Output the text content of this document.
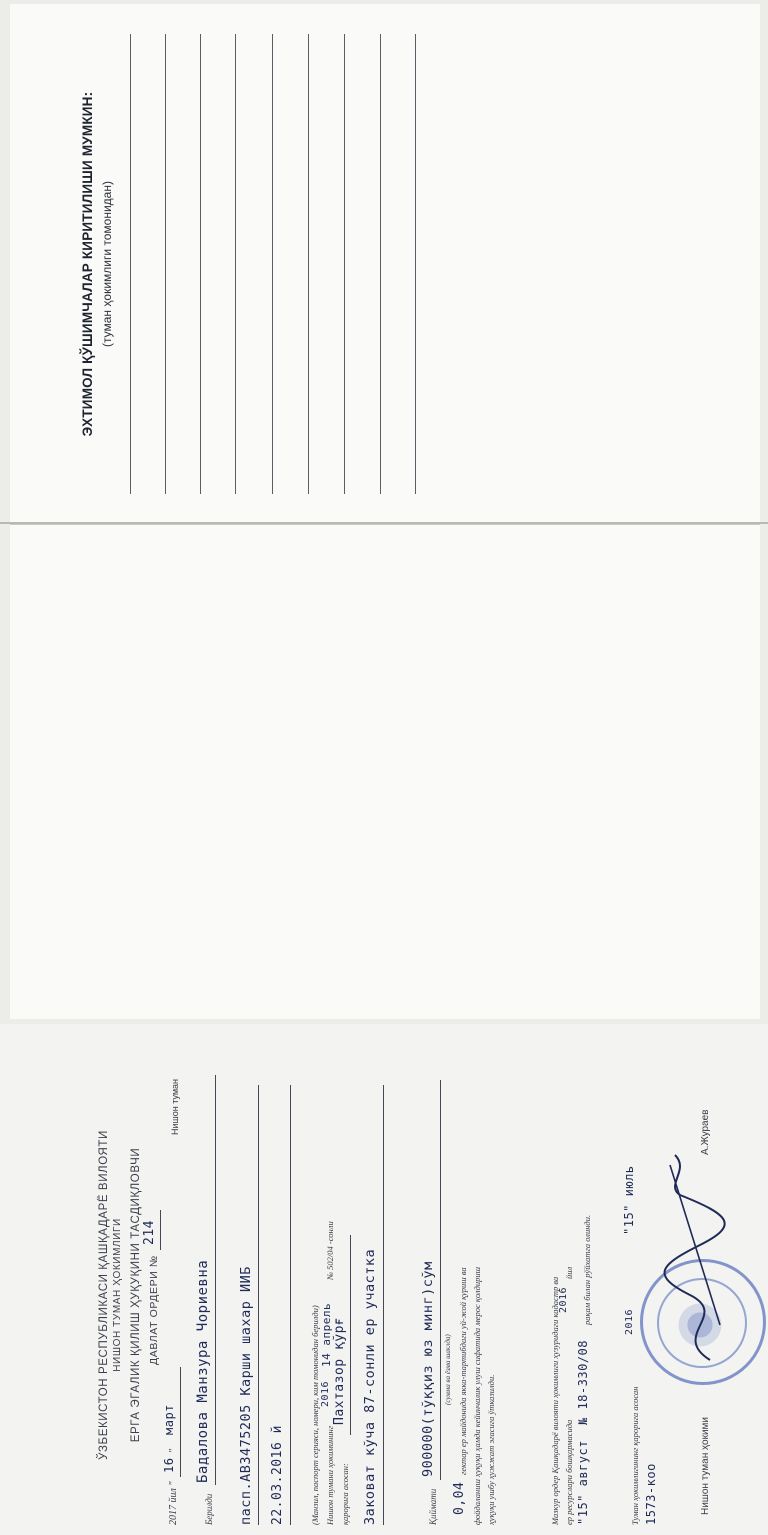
ЭХТИМОЛ ҚЎШИМЧАЛАР КИРИТИЛИШИ МУМКИН: (туман ҳокимлиги томонидан)
ЎЗБЕКИСТОН РЕСПУБЛИКАСИ ҚАШҚАДАРЁ ВИЛОЯТИ НИШОН ТУМАН ҲОКИМЛИГИ ЕРГА ЭГАЛИК ҚИЛИШ ҲУҚУҚИНИ ТАСДИҚЛОВЧИ ДАВЛАТ ОРДЕРИ №
214
2017 йил "
16
"
март
Нишон туман
Берилди
Бадалова Манзура Чориевна пасп.АВ3475205 Карши шахар ИИБ 22.03.2016 й	(Манзил, паспорт серияси, номери, ким томонидан берилди) Нишон тумани ҳокимининг
2016
14 апрель
№ 502/04 -сонли
қарорига асосан:
Пахтазор қўрғ Заковат кўча 87-сонли ер участка	Қиймати
900000(тўққиз юз минг)сўм (сумма ва ёзма шаклда)
0,04
гектар ер майдонида якка-тартибдаги уй-жой қуриш ва фойдаланиш ҳуқуқи ҳамда кейинчалик улуш сифатида мерос қолдириш ҳуқуқи ушбу ҳужжат эгасига ўтказилди.	Мазкур ордер Қашқадарё вилояти ҳокимлиги ҳузуридаги кадастр ва ер ресурслари бошқармасида
2016
йил
"15" август
№ 18-330/08
рақам билан рўйхатга олинди.
Туман ҳокимлигининг қарорига асосан
2016
"15" июль
1573-коо	Нишон туман ҳокими
А.Жураев
